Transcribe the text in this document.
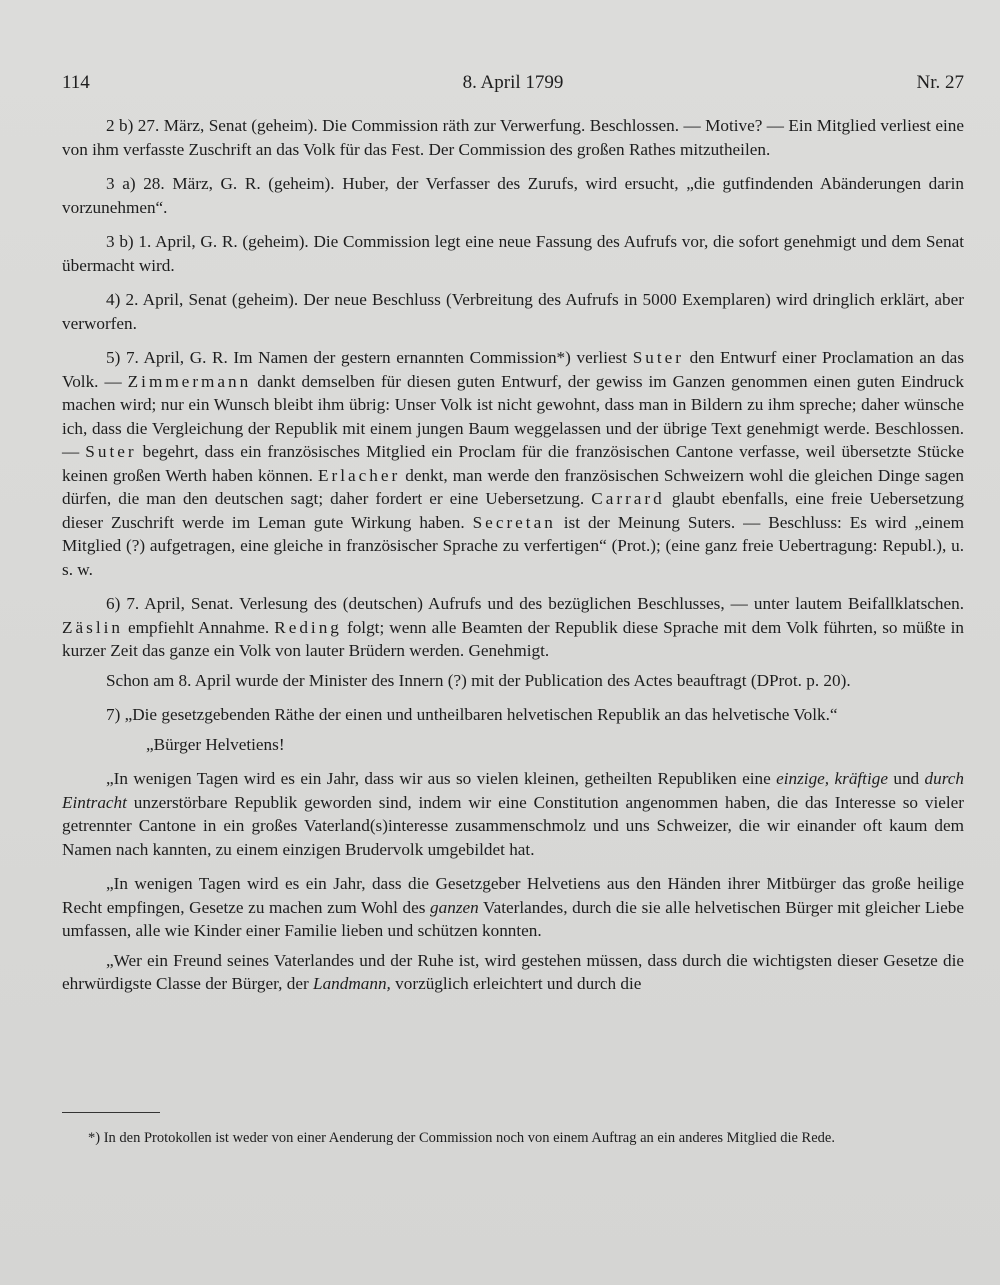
114	8. April 1799	Nr. 27

2 b) 27. März, Senat (geheim). Die Commission räth zur Verwerfung. Beschlossen. — Motive? — Ein Mitglied verliest eine von ihm verfasste Zuschrift an das Volk für das Fest. Der Commission des großen Rathes mitzutheilen.

3 a) 28. März, G. R. (geheim). Huber, der Verfasser des Zurufs, wird ersucht, „die gutfindenden Abänderungen darin vorzunehmen“.

3 b) 1. April, G. R. (geheim). Die Commission legt eine neue Fassung des Aufrufs vor, die sofort genehmigt und dem Senat übermacht wird.

4) 2. April, Senat (geheim). Der neue Beschluss (Verbreitung des Aufrufs in 5000 Exemplaren) wird dringlich erklärt, aber verworfen.

5) 7. April, G. R. Im Namen der gestern ernannten Commission*) verliest Suter den Entwurf einer Proclamation an das Volk. — Zimmermann dankt demselben für diesen guten Entwurf, der gewiss im Ganzen genommen einen guten Eindruck machen wird; nur ein Wunsch bleibt ihm übrig: Unser Volk ist nicht gewohnt, dass man in Bildern zu ihm spreche; daher wünsche ich, dass die Vergleichung der Republik mit einem jungen Baum weggelassen und der übrige Text genehmigt werde. Beschlossen. — Suter begehrt, dass ein französisches Mitglied ein Proclam für die französischen Cantone verfasse, weil übersetzte Stücke keinen großen Werth haben können. Erlacher denkt, man werde den französischen Schweizern wohl die gleichen Dinge sagen dürfen, die man den deutschen sagt; daher fordert er eine Uebersetzung. Carrard glaubt ebenfalls, eine freie Uebersetzung dieser Zuschrift werde im Leman gute Wirkung haben. Secretan ist der Meinung Suters. — Beschluss: Es wird „einem Mitglied (?) aufgetragen, eine gleiche in französischer Sprache zu verfertigen“ (Prot.); (eine ganz freie Uebertragung: Republ.), u. s. w.

6) 7. April, Senat. Verlesung des (deutschen) Aufrufs und des bezüglichen Beschlusses, — unter lautem Beifallklatschen. Zäslin empfiehlt Annahme. Reding folgt; wenn alle Beamten der Republik diese Sprache mit dem Volk führten, so müßte in kurzer Zeit das ganze ein Volk von lauter Brüdern werden. Genehmigt.

Schon am 8. April wurde der Minister des Innern (?) mit der Publication des Actes beauftragt (DProt. p. 20).

7) „Die gesetzgebenden Räthe der einen und untheilbaren helvetischen Republik an das helvetische Volk.“

„Bürger Helvetiens!

„In wenigen Tagen wird es ein Jahr, dass wir aus so vielen kleinen, getheilten Republiken eine einzige, kräftige und durch Eintracht unzerstörbare Republik geworden sind, indem wir eine Constitution angenommen haben, die das Interesse so vieler getrennter Cantone in ein großes Vaterland(s)interesse zusammenschmolz und uns Schweizer, die wir einander oft kaum dem Namen nach kannten, zu einem einzigen Brudervolk umgebildet hat.

„In wenigen Tagen wird es ein Jahr, dass die Gesetzgeber Helvetiens aus den Händen ihrer Mitbürger das große heilige Recht empfingen, Gesetze zu machen zum Wohl des ganzen Vaterlandes, durch die sie alle helvetischen Bürger mit gleicher Liebe umfassen, alle wie Kinder einer Familie lieben und schützen konnten.

„Wer ein Freund seines Vaterlandes und der Ruhe ist, wird gestehen müssen, dass durch die wichtigsten dieser Gesetze die ehrwürdigste Classe der Bürger, der Landmann, vorzüglich erleichtert und durch die

*) In den Protokollen ist weder von einer Aenderung der Commission noch von einem Auftrag an ein anderes Mitglied die Rede.
